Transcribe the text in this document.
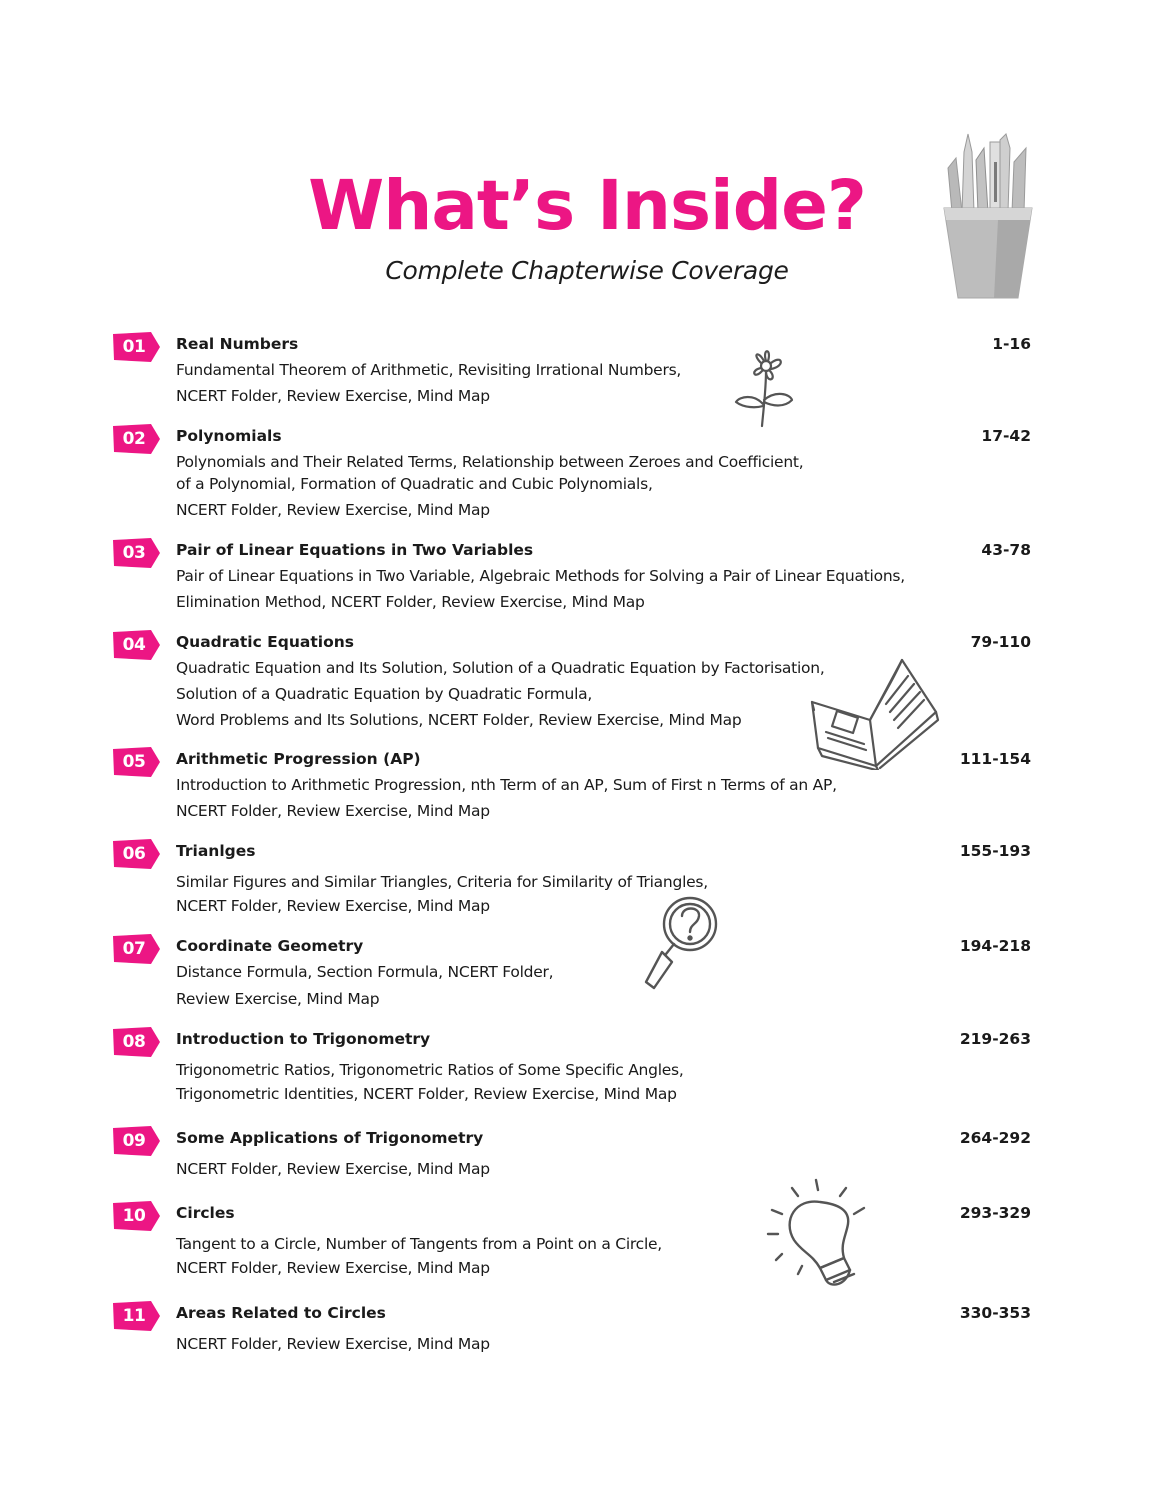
What’s Inside?
Complete Chapterwise Coverage
01	Real Numbers	1-16
Fundamental Theorem of Arithmetic, Revisiting Irrational Numbers,
NCERT Folder, Review Exercise, Mind Map
02	Polynomials	17-42
Polynomials and Their Related Terms, Relationship between Zeroes and Coefficient,
of a Polynomial, Formation of Quadratic and Cubic Polynomials,
NCERT Folder, Review Exercise, Mind Map
03	Pair of Linear Equations in Two Variables	43-78
Pair of Linear Equations in Two Variable, Algebraic Methods for Solving a Pair of Linear Equations,
Elimination Method, NCERT Folder, Review Exercise, Mind Map
04	Quadratic Equations	79-110
Quadratic Equation and Its Solution, Solution of a Quadratic Equation by Factorisation,
Solution of a Quadratic Equation by Quadratic Formula,
Word Problems and Its Solutions, NCERT Folder, Review Exercise, Mind Map
05	Arithmetic Progression (AP)	111-154
Introduction to Arithmetic Progression, nth Term of an AP, Sum of First n Terms of an AP,
NCERT Folder, Review Exercise, Mind Map
06	Trianlges	155-193
Similar Figures and Similar Triangles, Criteria for Similarity of Triangles,
NCERT Folder, Review Exercise, Mind Map
07	Coordinate Geometry	194-218
Distance Formula, Section Formula, NCERT Folder,
Review Exercise, Mind Map
08	Introduction to Trigonometry	219-263
Trigonometric Ratios, Trigonometric Ratios of Some Specific Angles,
Trigonometric Identities, NCERT Folder, Review Exercise, Mind Map
09	Some Applications of Trigonometry	264-292
NCERT Folder, Review Exercise, Mind Map
10	Circles	293-329
Tangent to a Circle, Number of Tangents from a Point on a Circle,
NCERT Folder, Review Exercise, Mind Map
11	Areas Related to Circles	330-353
NCERT Folder, Review Exercise, Mind Map
